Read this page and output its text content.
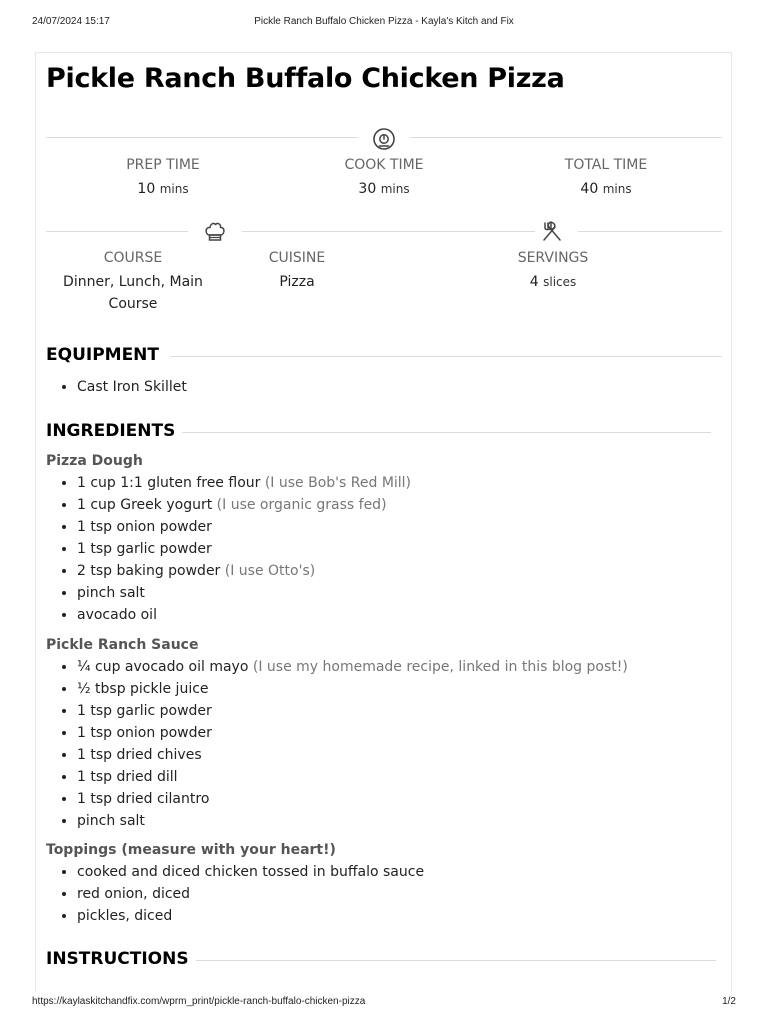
24/07/2024 15:17	Pickle Ranch Buffalo Chicken Pizza - Kayla's Kitch and Fix
Pickle Ranch Buffalo Chicken Pizza
PREP TIME
10 mins
COOK TIME
30 mins
TOTAL TIME
40 mins
COURSE
Dinner, Lunch, Main Course
CUISINE
Pizza
SERVINGS
4 slices
EQUIPMENT
• Cast Iron Skillet
INGREDIENTS
Pizza Dough
• 1 cup 1:1 gluten free flour (I use Bob's Red Mill)
• 1 cup Greek yogurt (I use organic grass fed)
• 1 tsp onion powder
• 1 tsp garlic powder
• 2 tsp baking powder (I use Otto's)
• pinch salt
• avocado oil
Pickle Ranch Sauce
• ¼ cup avocado oil mayo (I use my homemade recipe, linked in this blog post!)
• ½ tbsp pickle juice
• 1 tsp garlic powder
• 1 tsp onion powder
• 1 tsp dried chives
• 1 tsp dried dill
• 1 tsp dried cilantro
• pinch salt
Toppings (measure with your heart!)
• cooked and diced chicken tossed in buffalo sauce
• red onion, diced
• pickles, diced
INSTRUCTIONS
https://kaylaskitchandfix.com/wprm_print/pickle-ranch-buffalo-chicken-pizza	1/2
